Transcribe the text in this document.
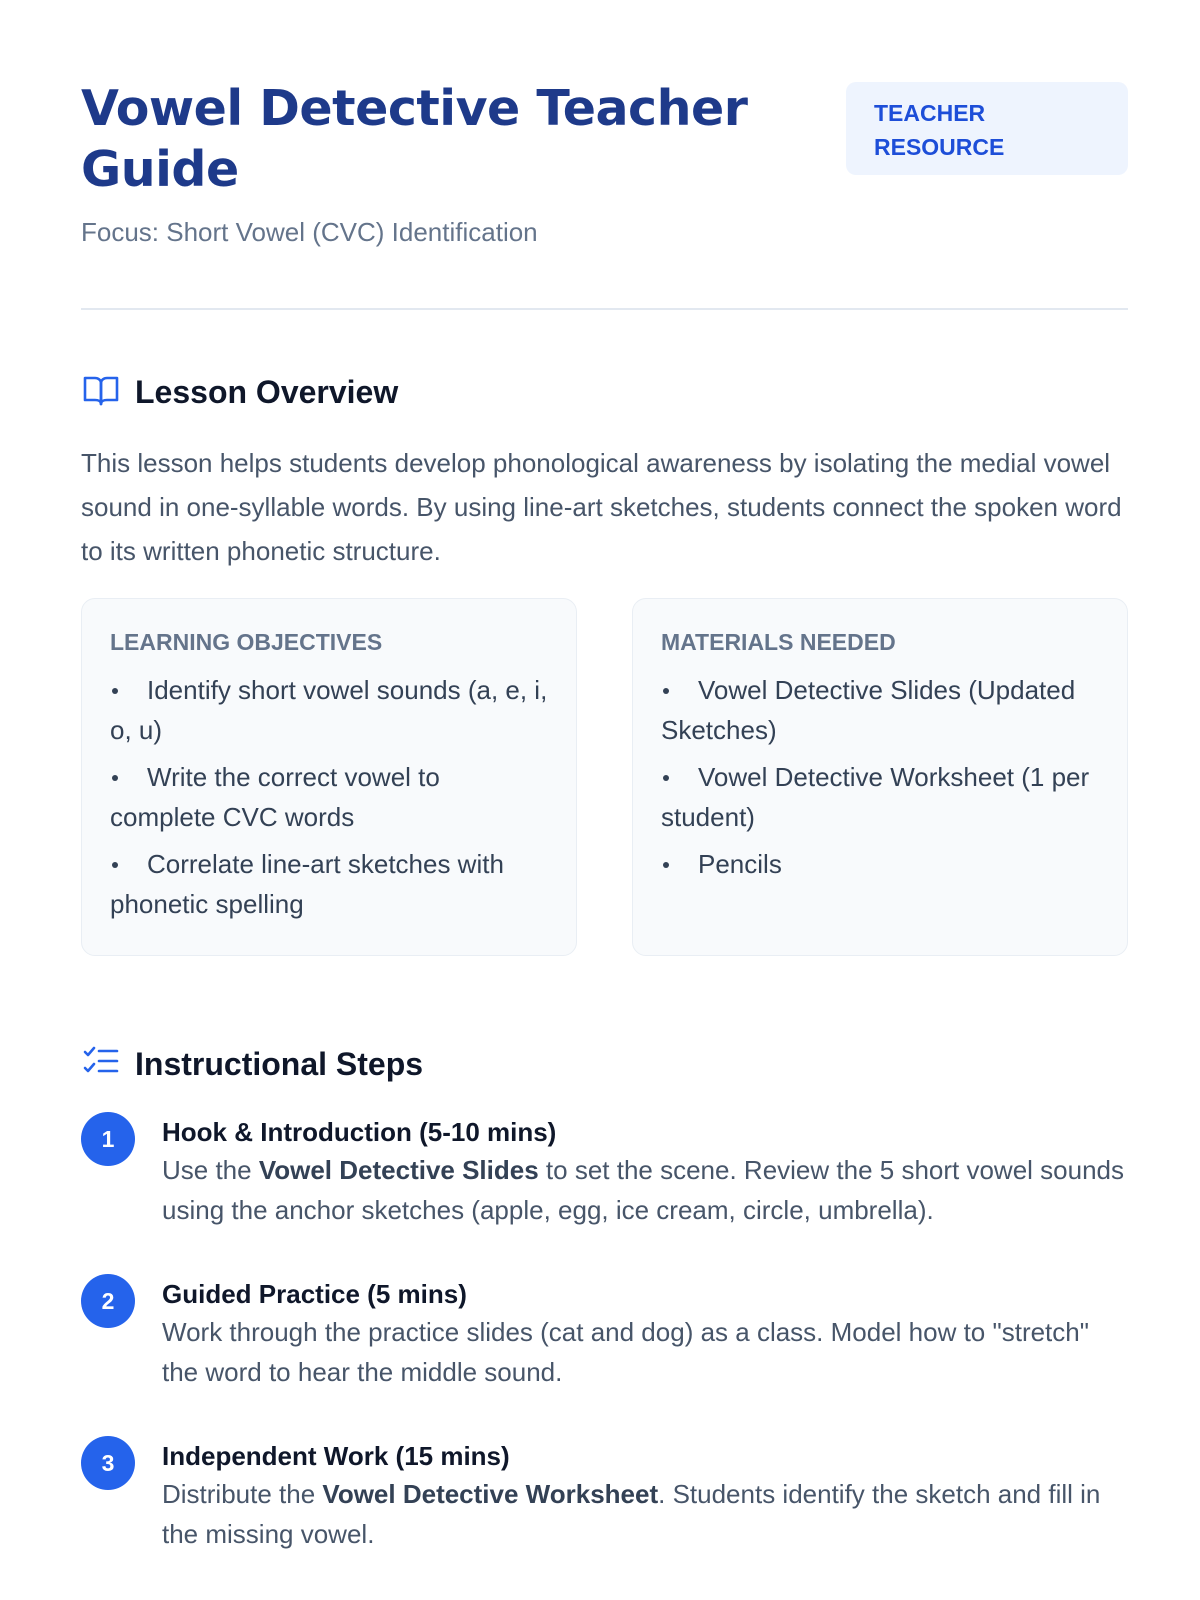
Vowel Detective Teacher Guide
TEACHER RESOURCE
Focus: Short Vowel (CVC) Identification
Lesson Overview
This lesson helps students develop phonological awareness by isolating the medial vowel sound in one-syllable words. By using line-art sketches, students connect the spoken word to its written phonetic structure.
LEARNING OBJECTIVES
Identify short vowel sounds (a, e, i, o, u)
Write the correct vowel to complete CVC words
Correlate line-art sketches with phonetic spelling
MATERIALS NEEDED
Vowel Detective Slides (Updated Sketches)
Vowel Detective Worksheet (1 per student)
Pencils
Instructional Steps
1	Hook & Introduction (5-10 mins)
Use the Vowel Detective Slides to set the scene. Review the 5 short vowel sounds using the anchor sketches (apple, egg, ice cream, circle, umbrella).
2	Guided Practice (5 mins)
Work through the practice slides (cat and dog) as a class. Model how to "stretch" the word to hear the middle sound.
3	Independent Work (15 mins)
Distribute the Vowel Detective Worksheet. Students identify the sketch and fill in the missing vowel.
